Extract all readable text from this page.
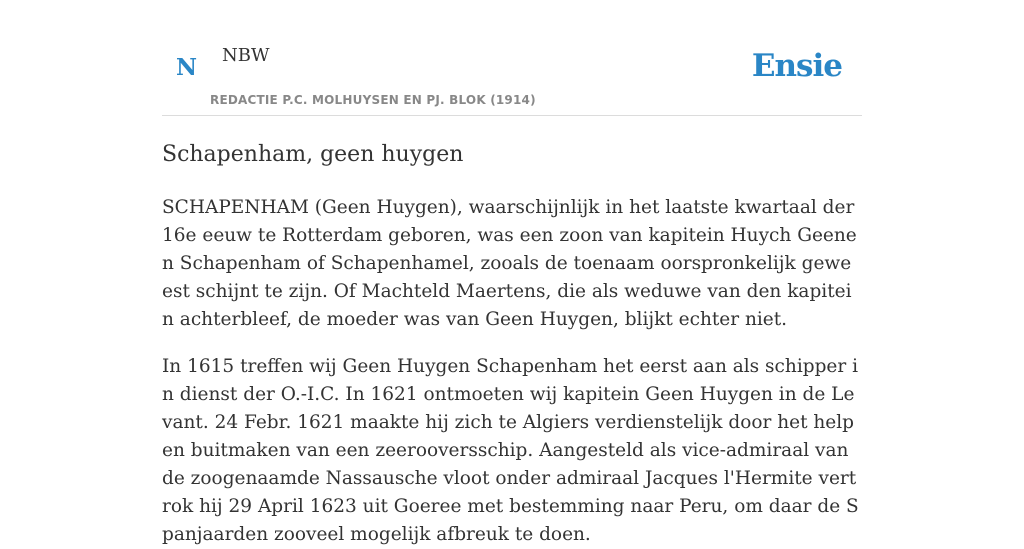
N NBW
REDACTIE P.C. MOLHUYSEN EN PJ. BLOK (1914)
Ensie
Schapenham, geen huygen

SCHAPENHAM (Geen Huygen), waarschijnlijk in het laatste kwartaal der 16e eeuw te Rotterdam geboren, was een zoon van kapitein Huych Geenen Schapenham of Schapenhamel, zooals de toenaam oorspronkelijk geweest schijnt te zijn. Of Machteld Maertens, die als weduwe van den kapitein achterbleef, de moeder was van Geen Huygen, blijkt echter niet.

In 1615 treffen wij Geen Huygen Schapenham het eerst aan als schipper in dienst der O.-I.C. In 1621 ontmoeten wij kapitein Geen Huygen in de Levant. 24 Febr. 1621 maakte hij zich te Algiers verdienstelijk door het helpen buitmaken van een zeerooversschip. Aangesteld als vice-admiraal van de zoogenaamde Nassausche vloot onder admiraal Jacques l'Hermite vertrok hij 29 April 1623 uit Goeree met bestemming naar Peru, om daar de Spanjaarden zooveel mogelijk afbreuk te doen.
